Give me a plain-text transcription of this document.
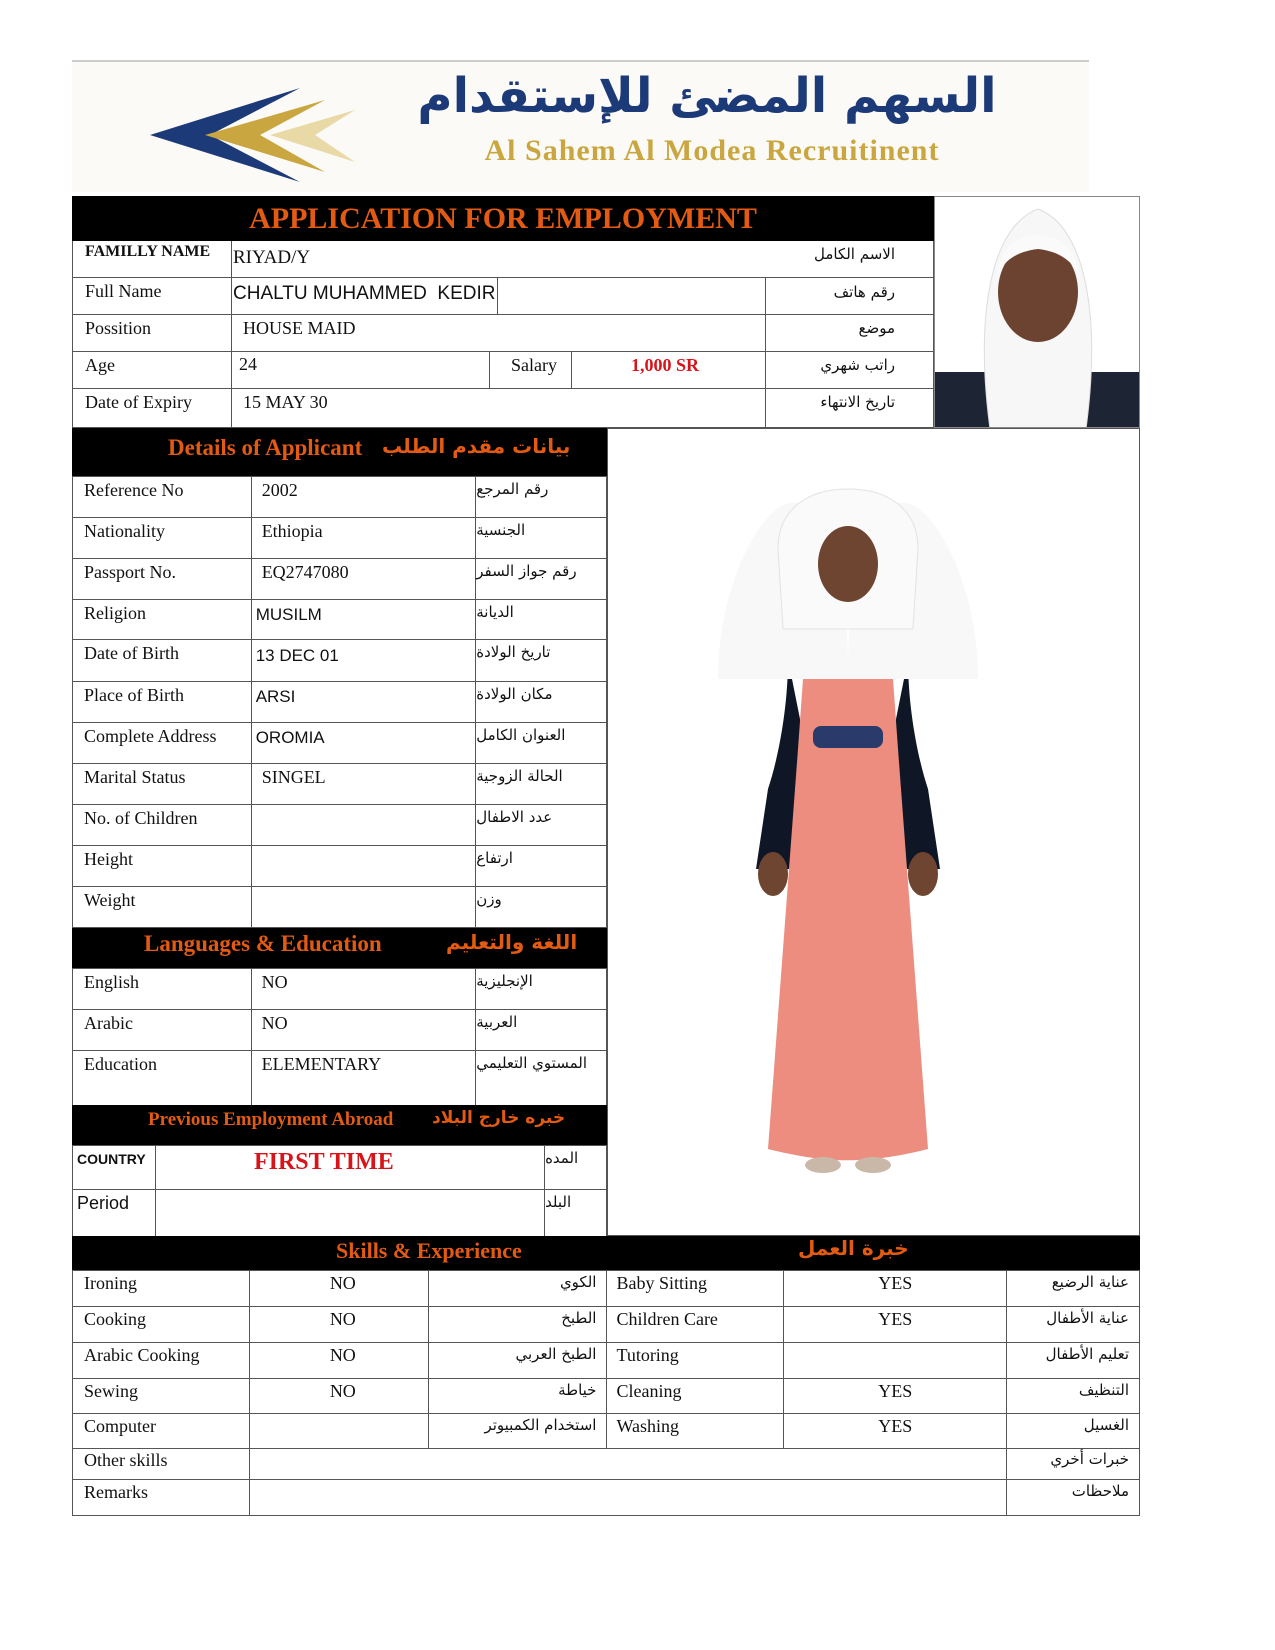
السهم المضئ للإستقدام
Al Sahem Al Modea Recruitinent
APPLICATION FOR EMPLOYMENT
FAMILLY NAME RIYAD/Y	الاسم الكامل
Full Name	CHALTU MUHAMMED  KEDIR	رقم هاتف
Possition	HOUSE MAID	موضع
Age	24	Salary	1,000 SR	راتب شهري
Date of Expiry	15 MAY 30	تاريخ الانتهاء
Details of Applicant بيانات مقدم الطلب
Reference No	2002	رقم المرجع
Nationality	Ethiopia	الجنسية
Passport No.	EQ2747080	رقم جواز السفر
Religion	MUSILM	الديانة
Date of Birth	13 DEC 01	تاريخ الولادة
Place of Birth	ARSI	مكان الولادة
Complete Address	OROMIA	العنوان الكامل
Marital Status	SINGEL	الحالة الزوجية
No. of Children		عدد الاطفال
Height		ارتفاع
Weight		وزن
Languages & Education	اللغة والتعليم
English	NO	الإنجليزية
Arabic	NO	العربية
Education	ELEMENTARY	المستوي التعليمي
Previous Employment Abroad خبره خارج البلاد
COUNTRY	FIRST TIME	المده
Period		البلد
Skills & Experience	خبرة العمل
Ironing	NO	الكوي	Baby Sitting	YES	عناية الرضيع
Cooking	NO	الطبخ	Children Care	YES	عناية الأطفال
Arabic Cooking	NO	الطبخ العربي	Tutoring		تعليم الأطفال
Sewing	NO	خياطة	Cleaning	YES	التنظيف
Computer		استخدام الكمبيوتر	Washing	YES	الغسيل
Other skills					خبرات أخري
Remarks					ملاحظات
